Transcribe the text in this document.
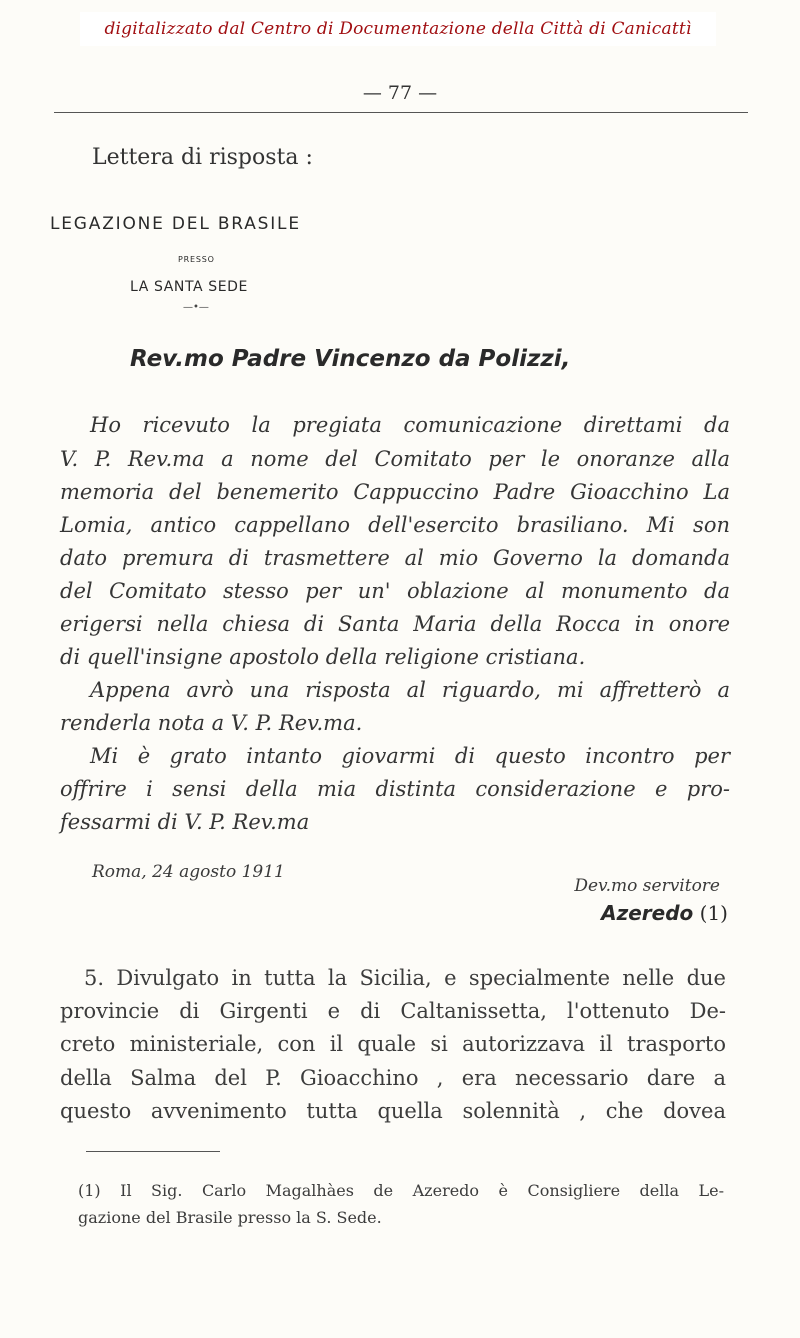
digitalizzato dal Centro di Documentazione della Città di Canicattì
— 77 —
Lettera di risposta :
LEGAZIONE DEL BRASILE
PRESSO
LA SANTA SEDE
—•—
Rev.mo Padre Vincenzo da Polizzi,
Ho ricevuto la pregiata comunicazione direttami da
V. P. Rev.ma a nome del Comitato per le onoranze alla
memoria del benemerito Cappuccino Padre Gioacchino La
Lomia, antico cappellano dell'esercito brasiliano. Mi son
dato premura di trasmettere al mio Governo la domanda
del Comitato stesso per un' oblazione al monumento da
erigersi nella chiesa di Santa Maria della Rocca in onore
di quell'insigne apostolo della religione cristiana.
Appena avrò una risposta al riguardo, mi affretterò a
renderla nota a V. P. Rev.ma.
Mi è grato intanto giovarmi di questo incontro per
offrire i sensi della mia distinta considerazione e pro-
fessarmi di V. P. Rev.ma
Roma, 24 agosto 1911
Dev.mo servitore
Azeredo (1)
5. Divulgato in tutta la Sicilia, e specialmente nelle due
provincie di Girgenti e di Caltanissetta, l'ottenuto De-
creto ministeriale, con il quale si autorizzava il trasporto
della Salma del P. Gioacchino , era necessario dare a
questo avvenimento tutta quella solennità , che dovea
(1) Il Sig. Carlo Magalhàes de Azeredo è Consigliere della Le-
gazione del Brasile presso la S. Sede.
